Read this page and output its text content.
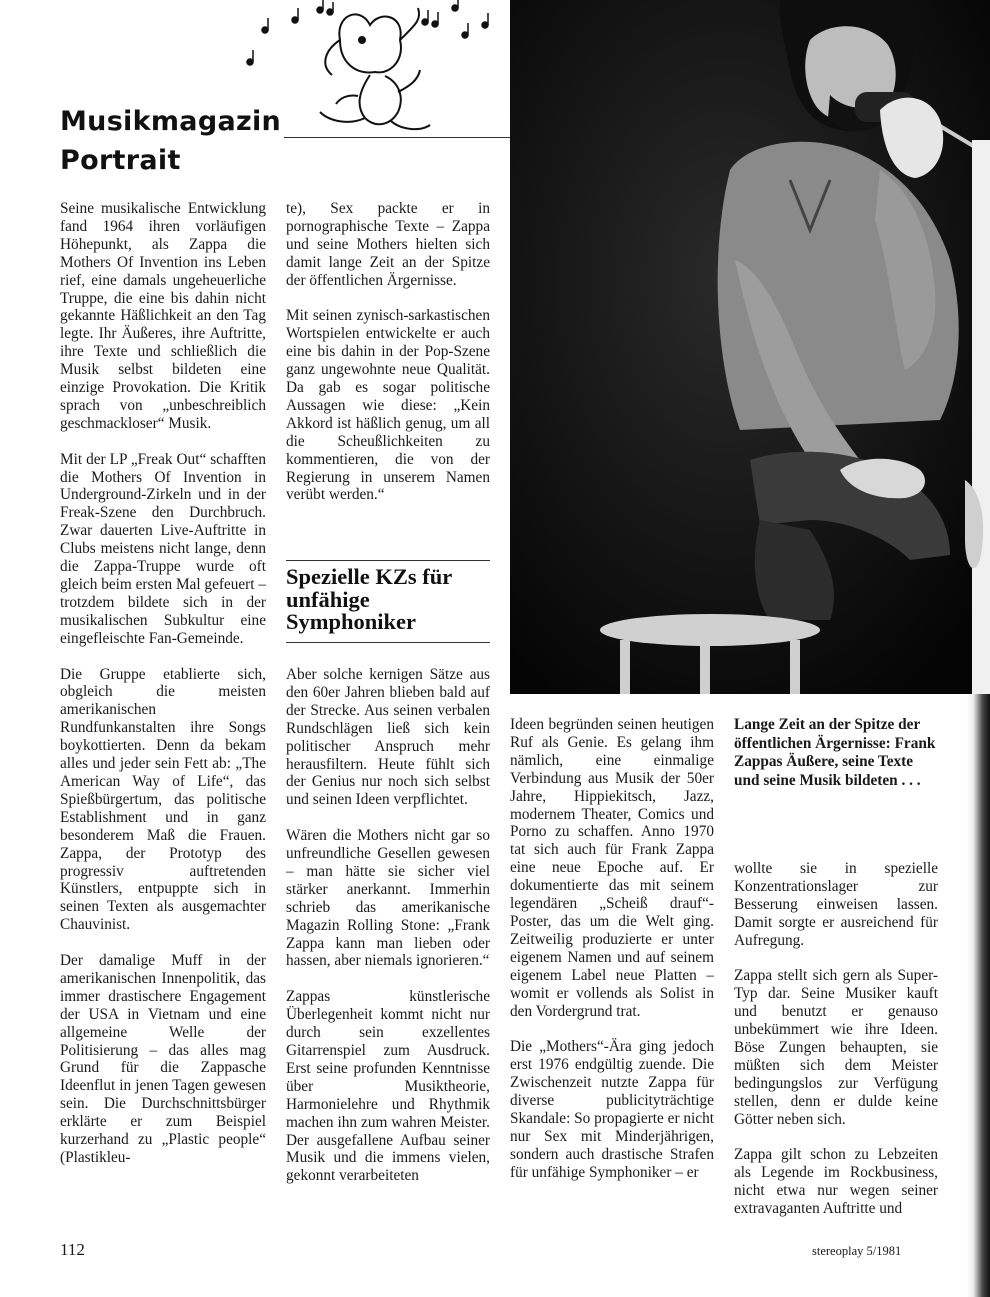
Musikmagazin
Portrait

Seine musikalische Entwicklung fand 1964 ihren vorläufigen Höhepunkt, als Zappa die Mothers Of Invention ins Leben rief, eine damals ungeheuerliche Truppe, die eine bis dahin nicht gekannte Häßlichkeit an den Tag legte. Ihr Äußeres, ihre Auftritte, ihre Texte und schließlich die Musik selbst bildeten eine einzige Provokation. Die Kritik sprach von „unbeschreiblich geschmackloser“ Musik.

Mit der LP „Freak Out“ schafften die Mothers Of Invention in Underground-Zirkeln und in der Freak-Szene den Durchbruch. Zwar dauerten Live-Auftritte in Clubs meistens nicht lange, denn die Zappa-Truppe wurde oft gleich beim ersten Mal gefeuert – trotzdem bildete sich in der musikalischen Subkultur eine eingefleischte Fan-Gemeinde.

Die Gruppe etablierte sich, obgleich die meisten amerikanischen Rundfunkanstalten ihre Songs boykottierten. Denn da bekam alles und jeder sein Fett ab: „The American Way of Life“, das Spießbürgertum, das politische Establishment und in ganz besonderem Maß die Frauen. Zappa, der Prototyp des progressiv auftretenden Künstlers, entpuppte sich in seinen Texten als ausgemachter Chauvinist.

Der damalige Muff in der amerikanischen Innenpolitik, das immer drastischere Engagement der USA in Vietnam und eine allgemeine Welle der Politisierung – das alles mag Grund für die Zappasche Ideenflut in jenen Tagen gewesen sein. Die Durchschnittsbürger erklärte er zum Beispiel kurzerhand zu „Plastic people“ (Plastikleu-

te), Sex packte er in pornographische Texte – Zappa und seine Mothers hielten sich damit lange Zeit an der Spitze der öffentlichen Ärgernisse.

Mit seinen zynisch-sarkastischen Wortspielen entwickelte er auch eine bis dahin in der Pop-Szene ganz ungewohnte neue Qualität. Da gab es sogar politische Aussagen wie diese: „Kein Akkord ist häßlich genug, um all die Scheußlichkeiten zu kommentieren, die von der Regierung in unserem Namen verübt werden.“

Spezielle KZs für unfähige Symphoniker

Aber solche kernigen Sätze aus den 60er Jahren blieben bald auf der Strecke. Aus seinen verbalen Rundschlägen ließ sich kein politischer Anspruch mehr herausfiltern. Heute fühlt sich der Genius nur noch sich selbst und seinen Ideen verpflichtet.

Wären die Mothers nicht gar so unfreundliche Gesellen gewesen – man hätte sie sicher viel stärker anerkannt. Immerhin schrieb das amerikanische Magazin Rolling Stone: „Frank Zappa kann man lieben oder hassen, aber niemals ignorieren.“

Zappas künstlerische Überlegenheit kommt nicht nur durch sein exzellentes Gitarrenspiel zum Ausdruck. Erst seine profunden Kenntnisse über Musiktheorie, Harmonielehre und Rhythmik machen ihn zum wahren Meister. Der ausgefallene Aufbau seiner Musik und die immens vielen, gekonnt verarbeiteten

Ideen begründen seinen heutigen Ruf als Genie. Es gelang ihm nämlich, eine einmalige Verbindung aus Musik der 50er Jahre, Hippiekitsch, Jazz, modernem Theater, Comics und Porno zu schaffen. Anno 1970 tat sich auch für Frank Zappa eine neue Epoche auf. Er dokumentierte das mit seinem legendären „Scheiß drauf“-Poster, das um die Welt ging. Zeitweilig produzierte er unter eigenem Namen und auf seinem eigenem Label neue Platten – womit er vollends als Solist in den Vordergrund trat.

Die „Mothers“-Ära ging jedoch erst 1976 endgültig zuende. Die Zwischenzeit nutzte Zappa für diverse publicityträchtige Skandale: So propagierte er nicht nur Sex mit Minderjährigen, sondern auch drastische Strafen für unfähige Symphoniker – er

Lange Zeit an der Spitze der öffentlichen Ärgernisse: Frank Zappas Äußere, seine Texte und seine Musik bildeten . . .

wollte sie in spezielle Konzentrationslager zur Besserung einweisen lassen. Damit sorgte er ausreichend für Aufregung.

Zappa stellt sich gern als Super-Typ dar. Seine Musiker kauft und benutzt er genauso unbekümmert wie ihre Ideen. Böse Zungen behaupten, sie müßten sich dem Meister bedingungslos zur Verfügung stellen, denn er dulde keine Götter neben sich.

Zappa gilt schon zu Lebzeiten als Legende im Rockbusiness, nicht etwa nur wegen seiner extravaganten Auftritte und

112	stereoplay 5/1981
